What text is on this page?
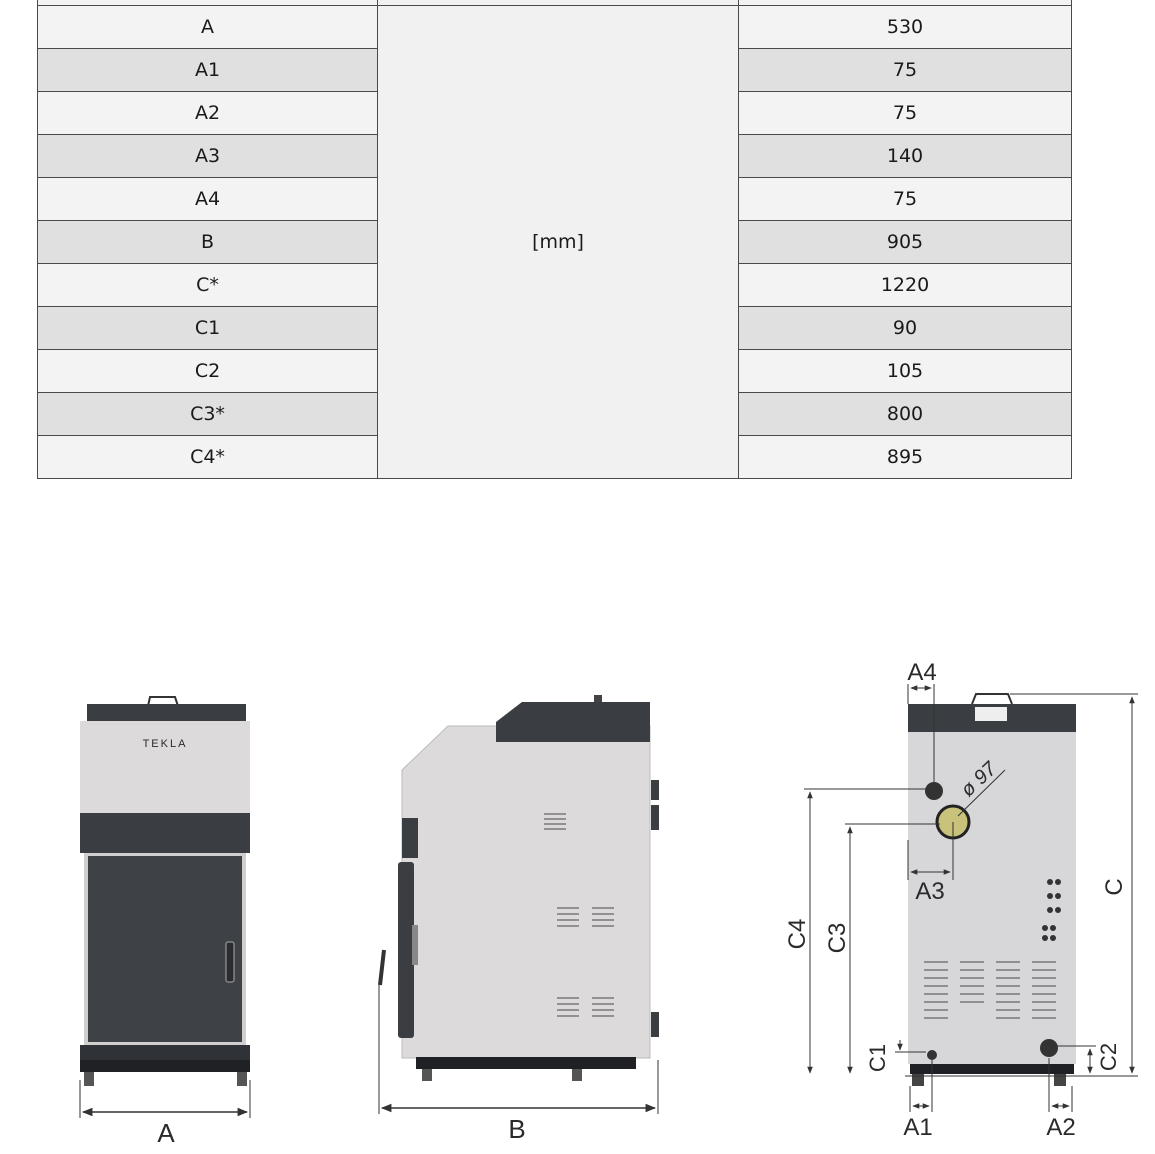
A	[mm]	530
A1		75
A2		75
A3		140
A4		75
B		905
C*		1220
C1		90
C2		105
C3*		800
C4*		895
TEKLA
A	B
A4
A3
A1	A2
C
C4 C3
C1	C2
ø 97
